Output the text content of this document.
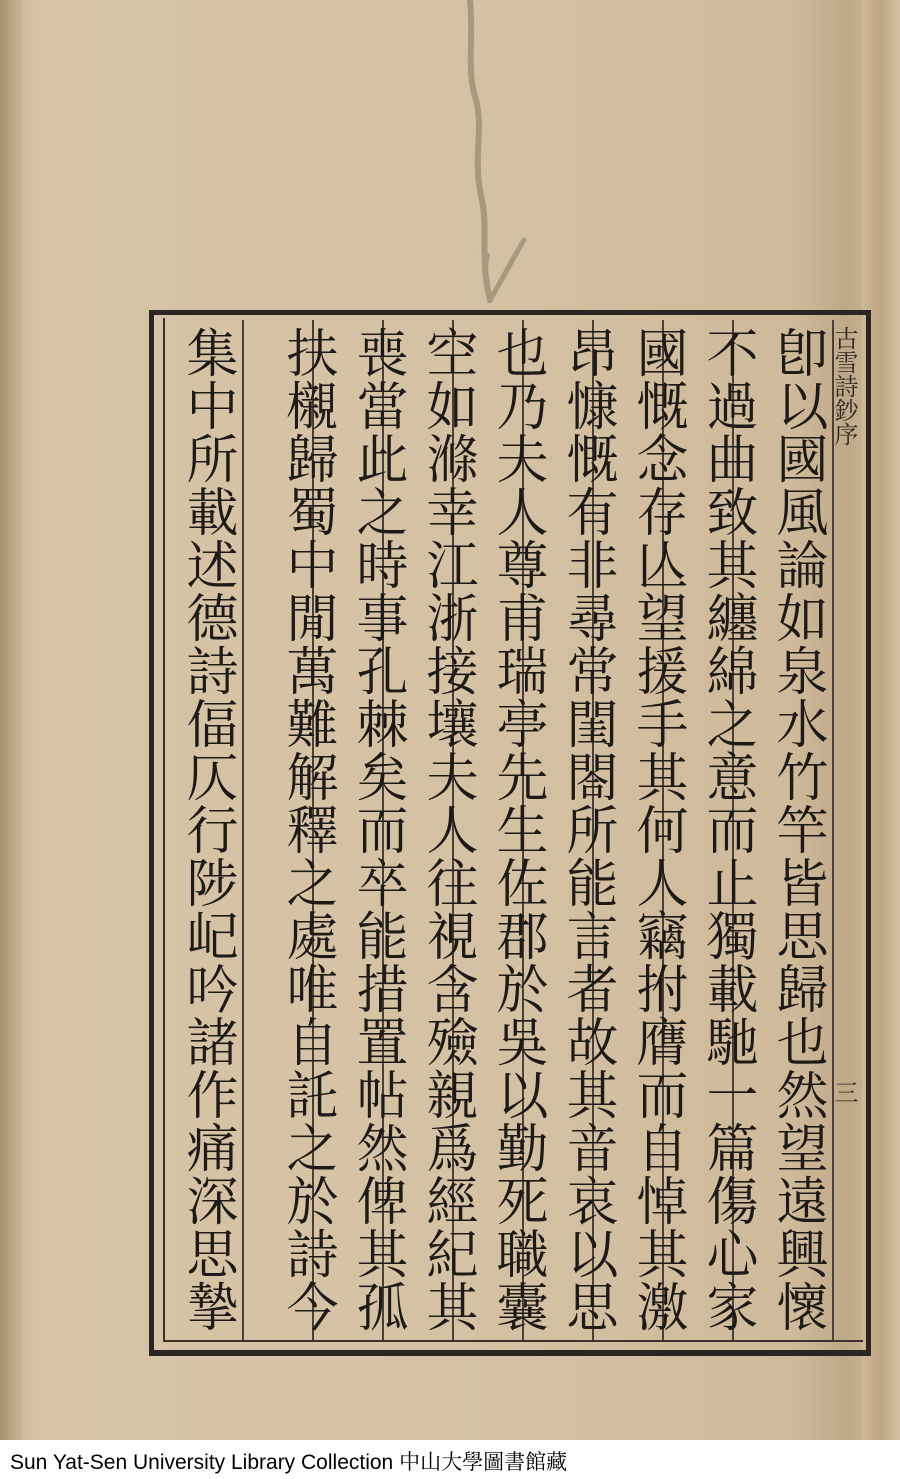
古雪詩鈔序
三
卽以國風論如泉水竹竿皆思歸也然望遠興懷
不過曲致其纏綿之意而止獨載馳一篇傷心家
國慨念存亾望援手其何人竊拊膺而自悼其激
昂慷慨有非尋常閨閤所能言者故其音哀以思
也乃夫人尊甫瑞亭先生佐郡於吳以勤死職囊
空如滌幸江浙接壤夫人往視含殮親爲經紀其
喪當此之時事孔棘矣而卒能措置帖然俾其孤
扶櫬歸蜀中閒萬難解釋之處唯自託之於詩今
集中所載述德詩偪仄行陟屺吟諸作痛深思摯
Sun Yat-Sen University Library Collection 中山大學圖書館藏
